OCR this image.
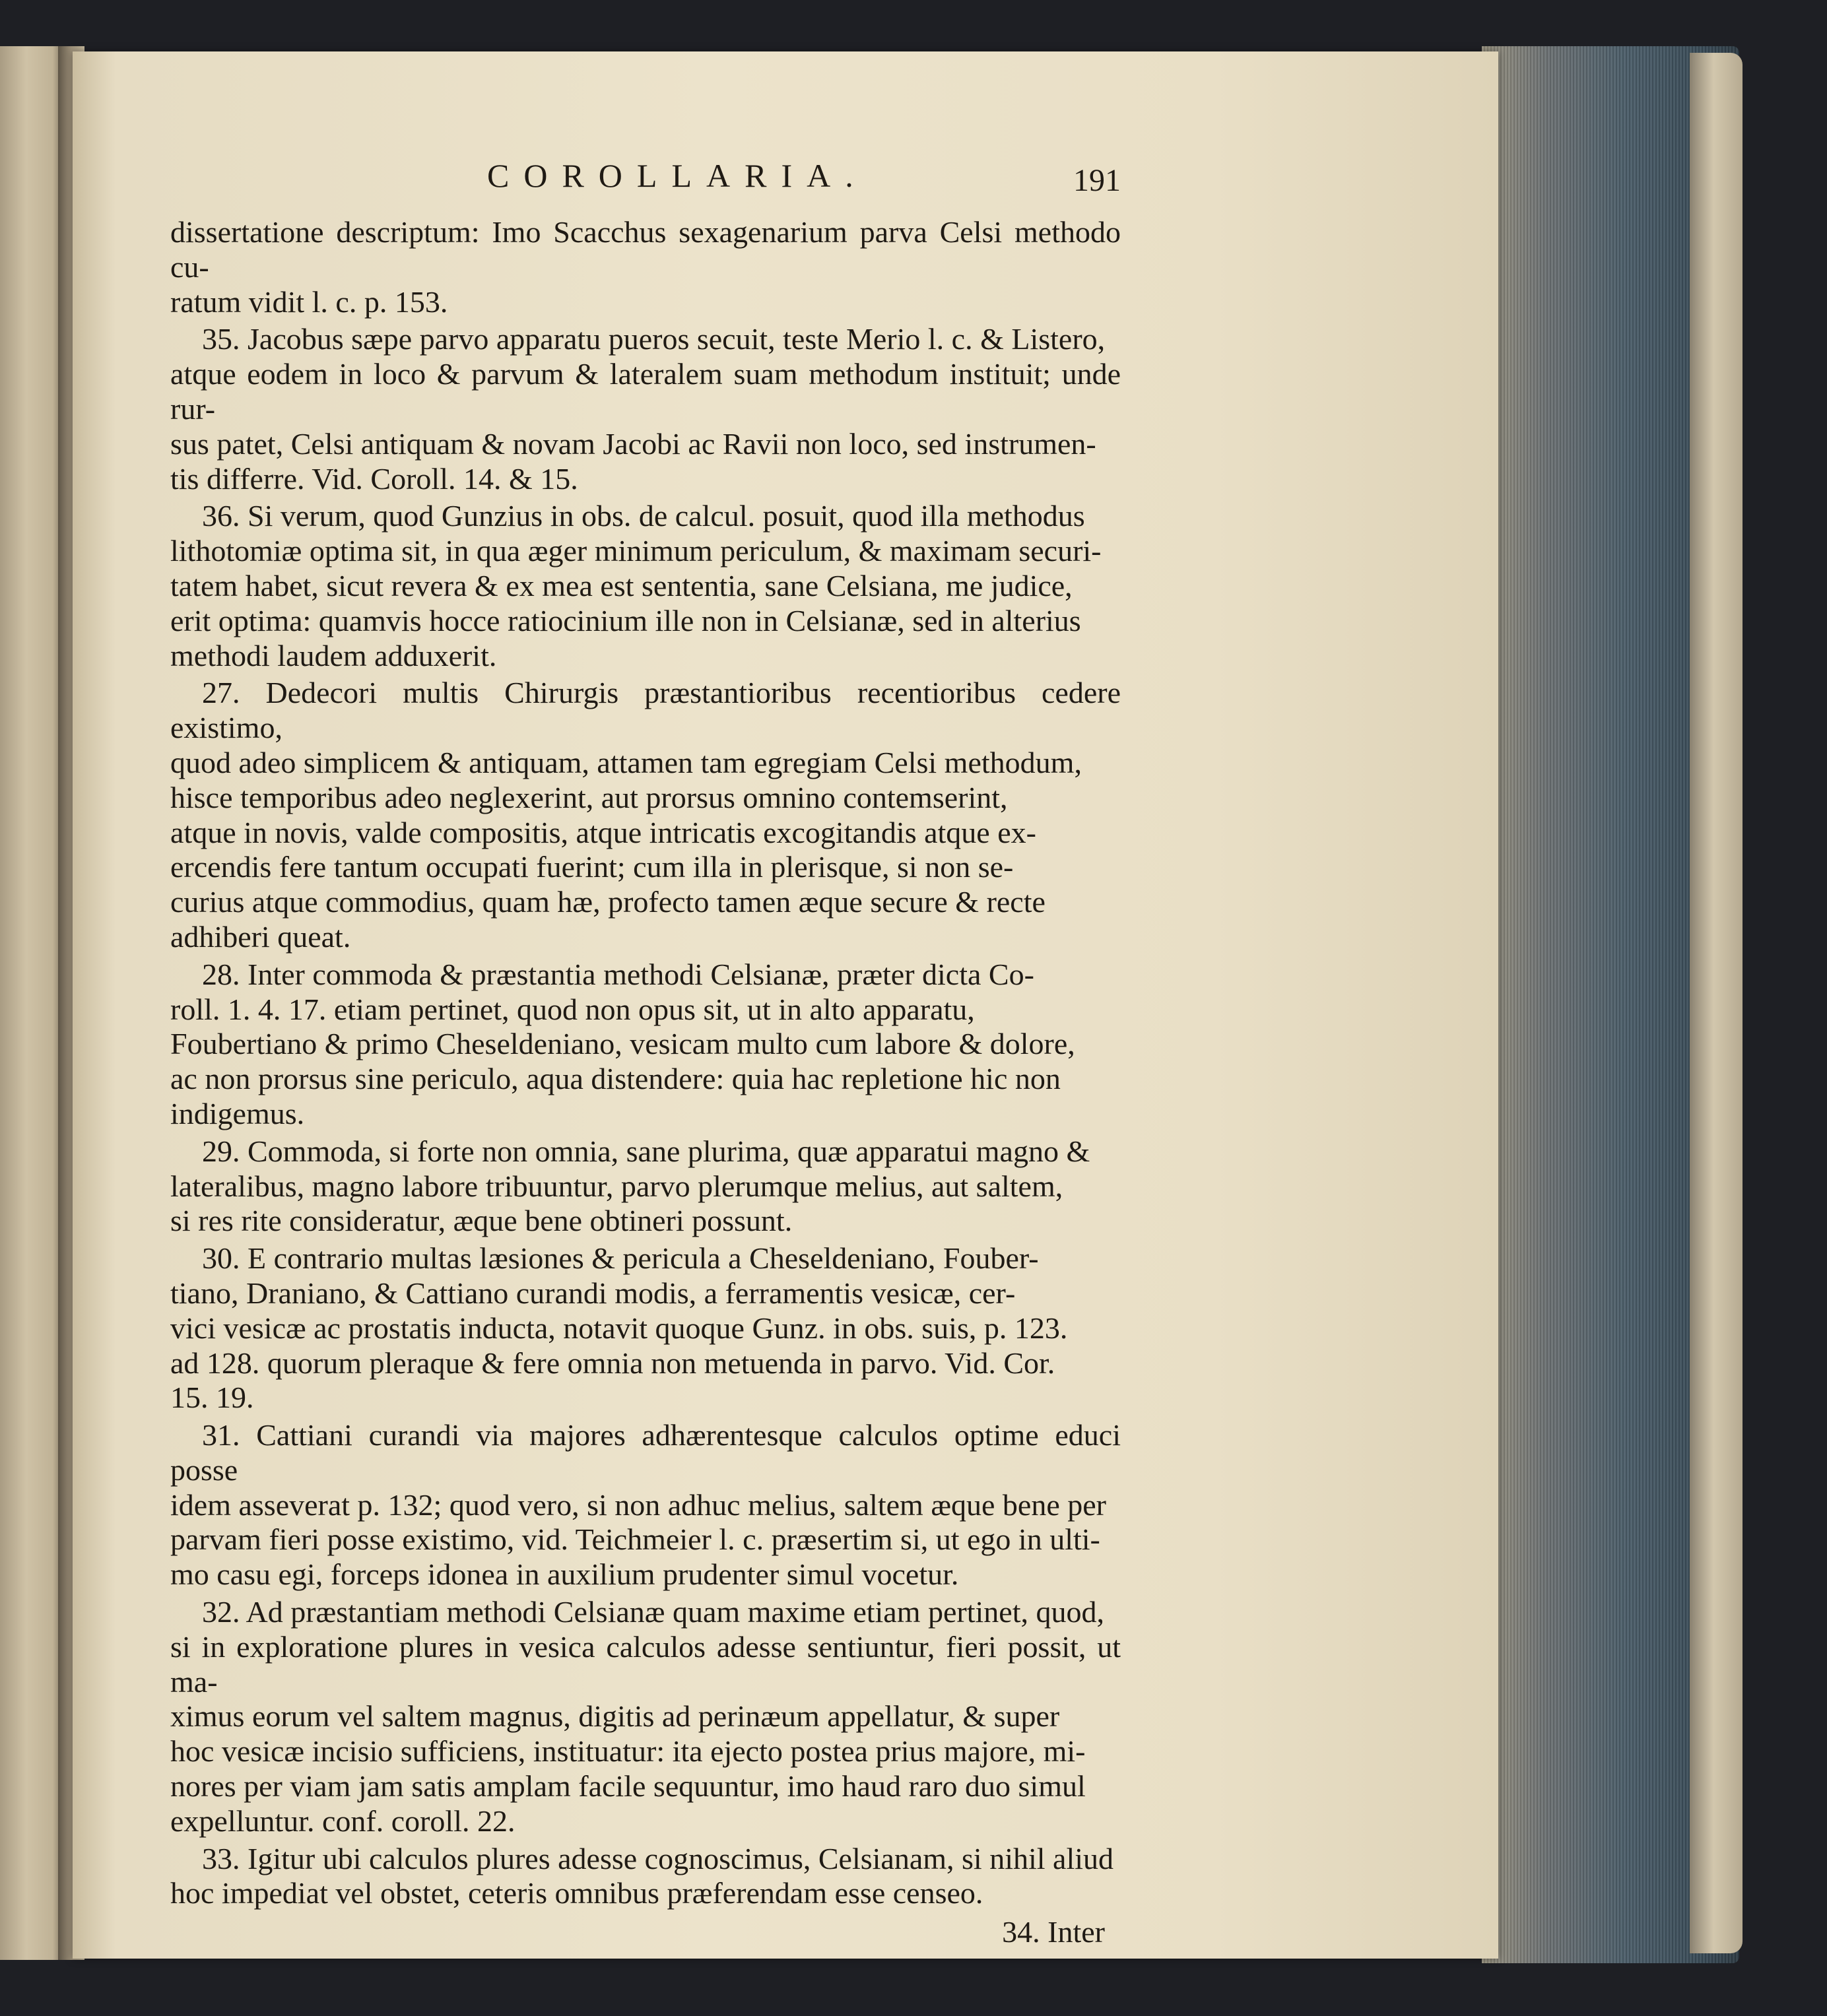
COROLLARIA.	191
dissertatione descriptum: Imo Scacchus sexagenarium parva Celsi methodo cu-
ratum vidit l. c. p. 153.
35. Jacobus sæpe parvo apparatu pueros secuit, teste Merio l. c. & Listero,
atque eodem in loco & parvum & lateralem suam methodum instituit; unde rur-
sus patet, Celsi antiquam & novam Jacobi ac Ravii non loco, sed instrumen-
tis differre. Vid. Coroll. 14. & 15.
36. Si verum, quod Gunzius in obs. de calcul. posuit, quod illa methodus
lithotomiæ optima sit, in qua æger minimum periculum, & maximam securi-
tatem habet, sicut revera & ex mea est sententia, sane Celsiana, me judice,
erit optima: quamvis hocce ratiocinium ille non in Celsianæ, sed in alterius
methodi laudem adduxerit.
27. Dedecori multis Chirurgis præstantioribus recentioribus cedere existimo,
quod adeo simplicem & antiquam, attamen tam egregiam Celsi methodum,
hisce temporibus adeo neglexerint, aut prorsus omnino contemserint,
atque in novis, valde compositis, atque intricatis excogitandis atque ex-
ercendis fere tantum occupati fuerint; cum illa in plerisque, si non se-
curius atque commodius, quam hæ, profecto tamen æque secure & recte
adhiberi queat.
28. Inter commoda & præstantia methodi Celsianæ, præter dicta Co-
roll. 1. 4. 17. etiam pertinet, quod non opus sit, ut in alto apparatu,
Foubertiano & primo Cheseldeniano, vesicam multo cum labore & dolore,
ac non prorsus sine periculo, aqua distendere: quia hac repletione hic non
indigemus.
29. Commoda, si forte non omnia, sane plurima, quæ apparatui magno &
lateralibus, magno labore tribuuntur, parvo plerumque melius, aut saltem,
si res rite consideratur, æque bene obtineri possunt.
30. E contrario multas læsiones & pericula a Cheseldeniano, Fouber-
tiano, Draniano, & Cattiano curandi modis, a ferramentis vesicæ, cer-
vici vesicæ ac prostatis inducta, notavit quoque Gunz. in obs. suis, p. 123.
ad 128. quorum pleraque & fere omnia non metuenda in parvo. Vid. Cor.
15. 19.
31. Cattiani curandi via majores adhærentesque calculos optime educi posse
idem asseverat p. 132; quod vero, si non adhuc melius, saltem æque bene per
parvam fieri posse existimo, vid. Teichmeier l. c. præsertim si, ut ego in ulti-
mo casu egi, forceps idonea in auxilium prudenter simul vocetur.
32. Ad præstantiam methodi Celsianæ quam maxime etiam pertinet, quod,
si in exploratione plures in vesica calculos adesse sentiuntur, fieri possit, ut ma-
ximus eorum vel saltem magnus, digitis ad perinæum appellatur, & super
hoc vesicæ incisio sufficiens, instituatur: ita ejecto postea prius majore, mi-
nores per viam jam satis amplam facile sequuntur, imo haud raro duo simul
expelluntur. conf. coroll. 22.
33. Igitur ubi calculos plures adesse cognoscimus, Celsianam, si nihil aliud
hoc impediat vel obstet, ceteris omnibus præferendam esse censeo.
34. Inter
